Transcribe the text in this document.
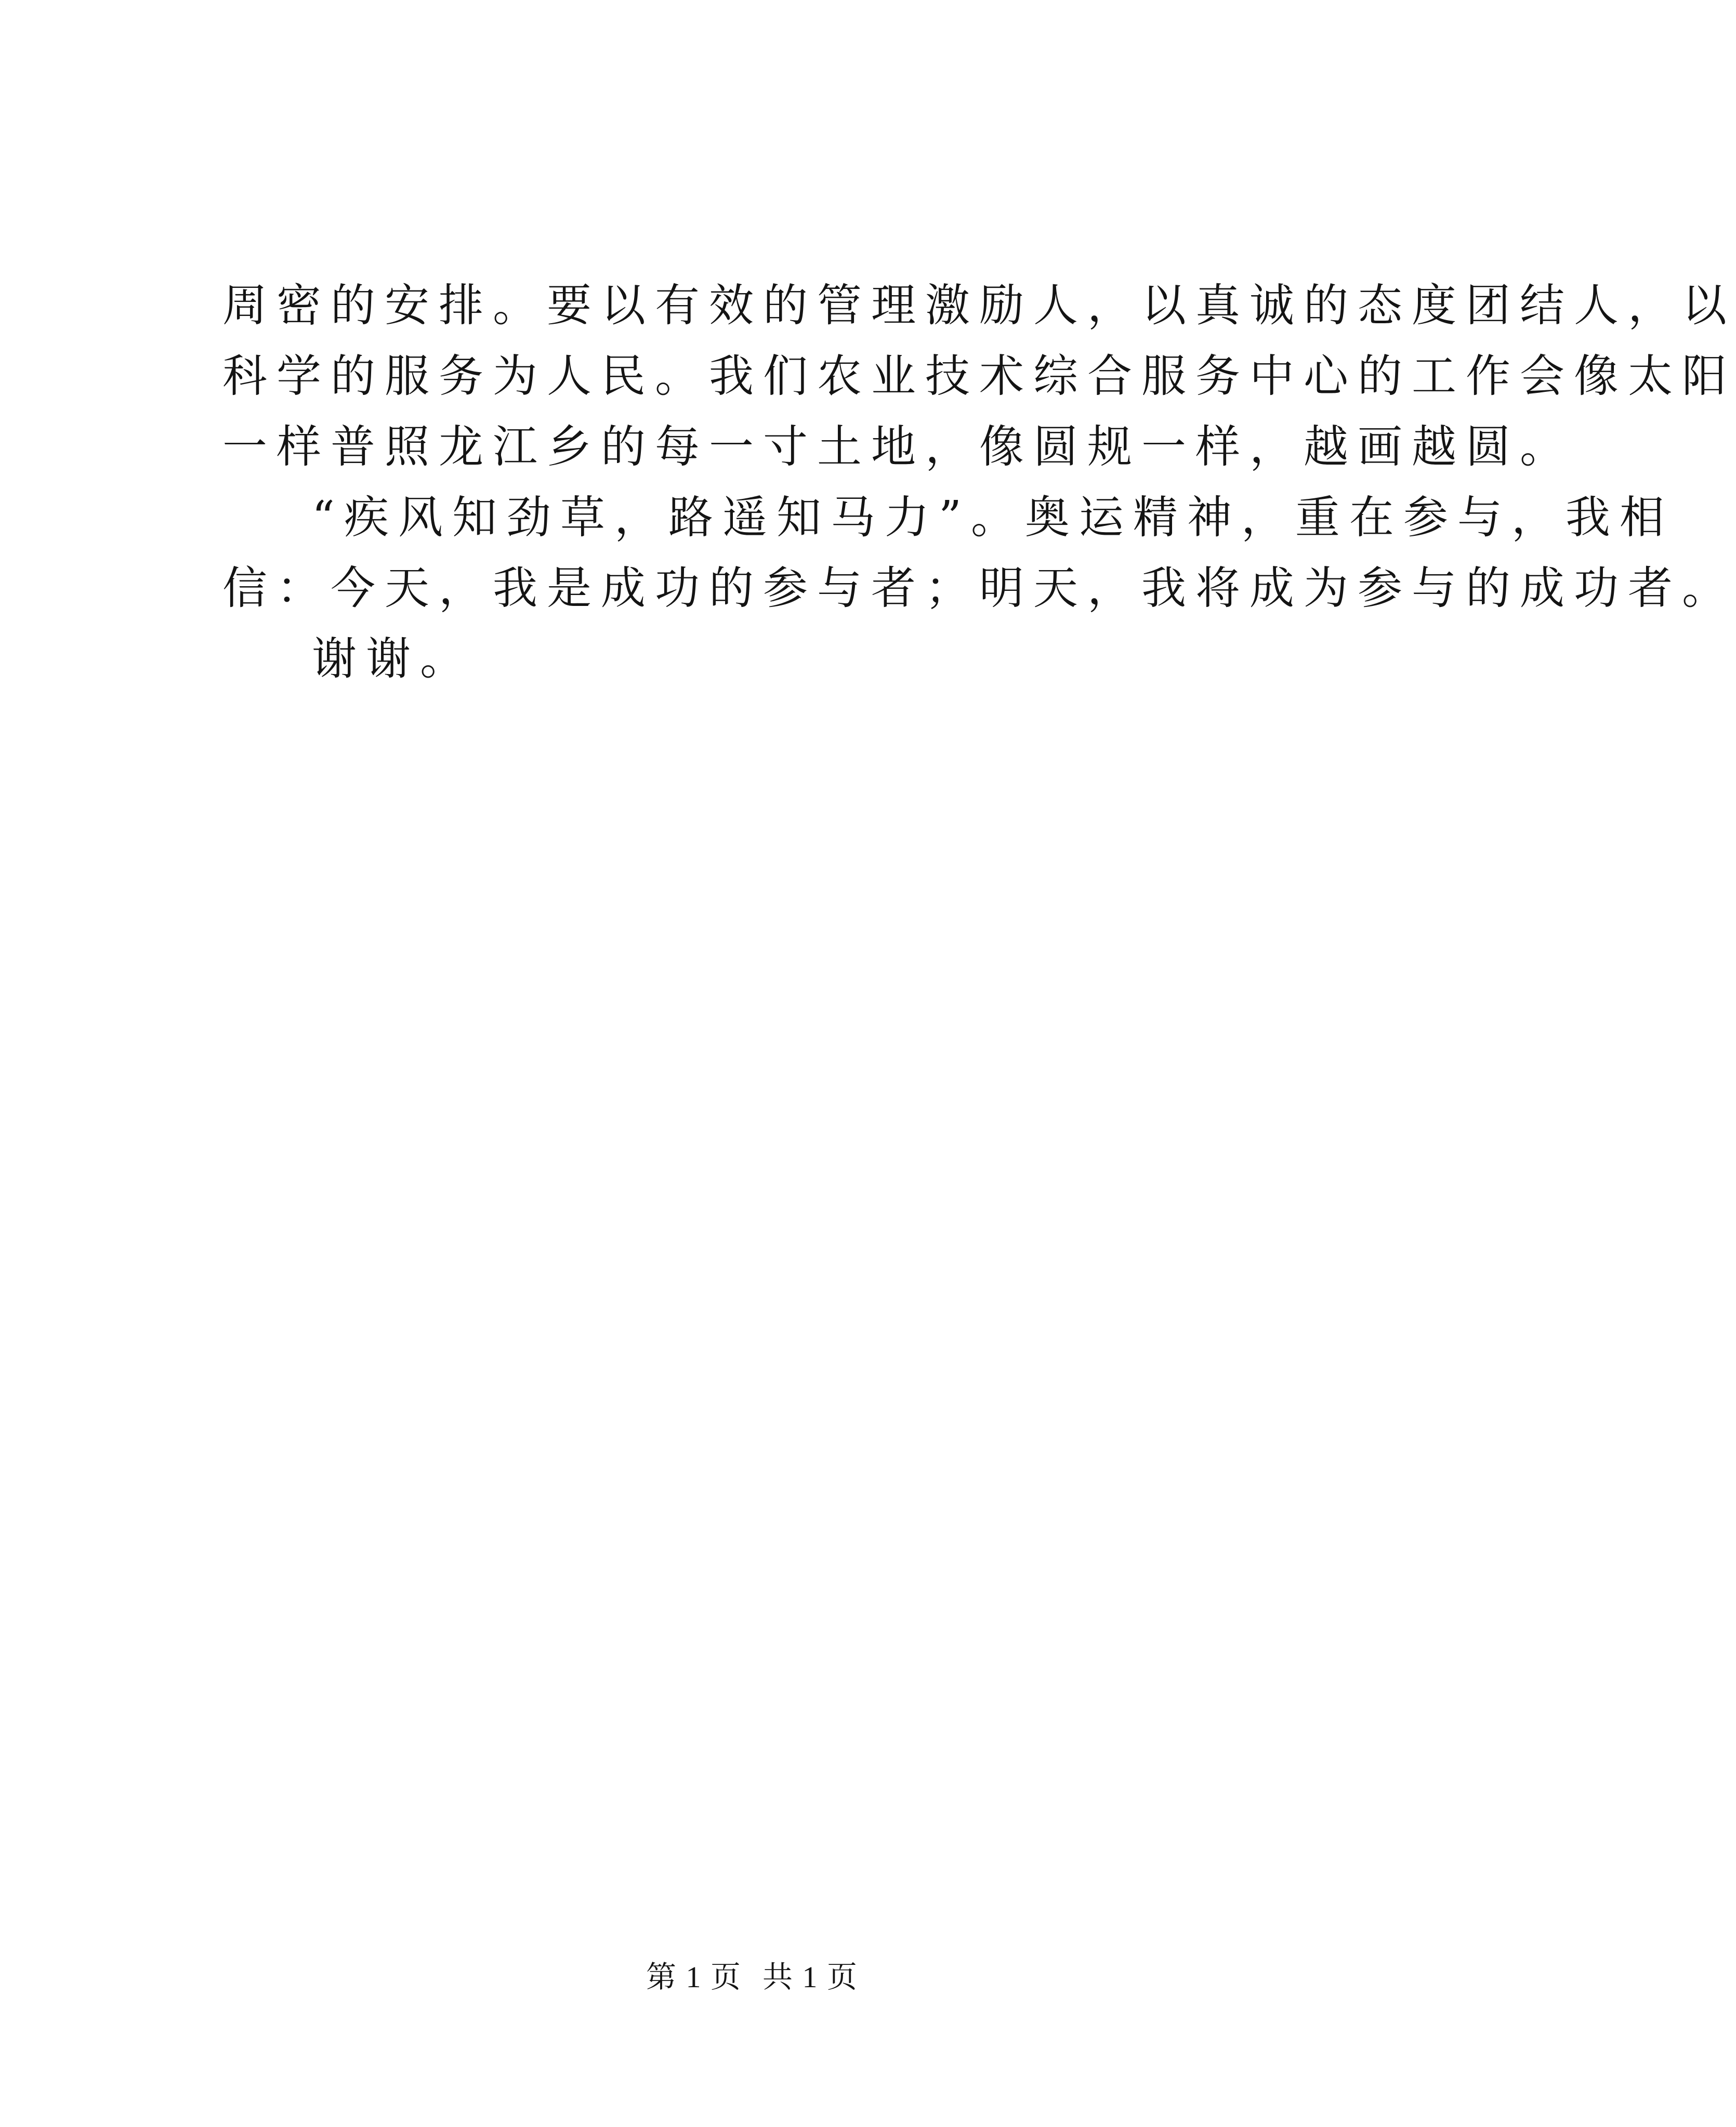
周密的安排。要以有效的管理激励人，以真诚的态度团结人，以
科学的服务为人民。我们农业技术综合服务中心的工作会像太阳
一样普照龙江乡的每一寸土地，像圆规一样，越画越圆。
“疾风知劲草，路遥知马力”。奥运精神，重在参与，我相
信：今天，我是成功的参与者；明天，我将成为参与的成功者。
谢谢。
第 1 页 共 1 页
